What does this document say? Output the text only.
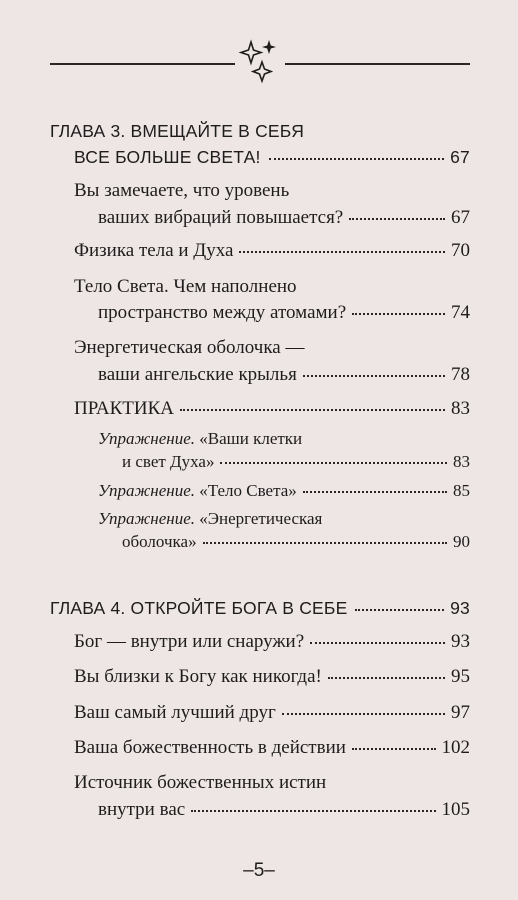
ГЛАВА 3. ВМЕЩАЙТЕ В СЕБЯ
ВСЕ БОЛЬШЕ СВЕТА!	67
Вы замечаете, что уровень
ваших вибраций повышается?	67
Физика тела и Духа	70
Тело Света. Чем наполнено
пространство между атомами?	74
Энергетическая оболочка —
ваши ангельские крылья	78
ПРАКТИКА	83
Упражнение. «Ваши клетки
и свет Духа»	83
Упражнение. «Тело Света»	85
Упражнение. «Энергетическая
оболочка»	90
ГЛАВА 4. ОТКРОЙТЕ БОГА В СЕБЕ	93
Бог — внутри или снаружи?	93
Вы близки к Богу как никогда!	95
Ваш самый лучший друг	97
Ваша божественность в действии	102
Источник божественных истин
внутри вас	105
–5–
